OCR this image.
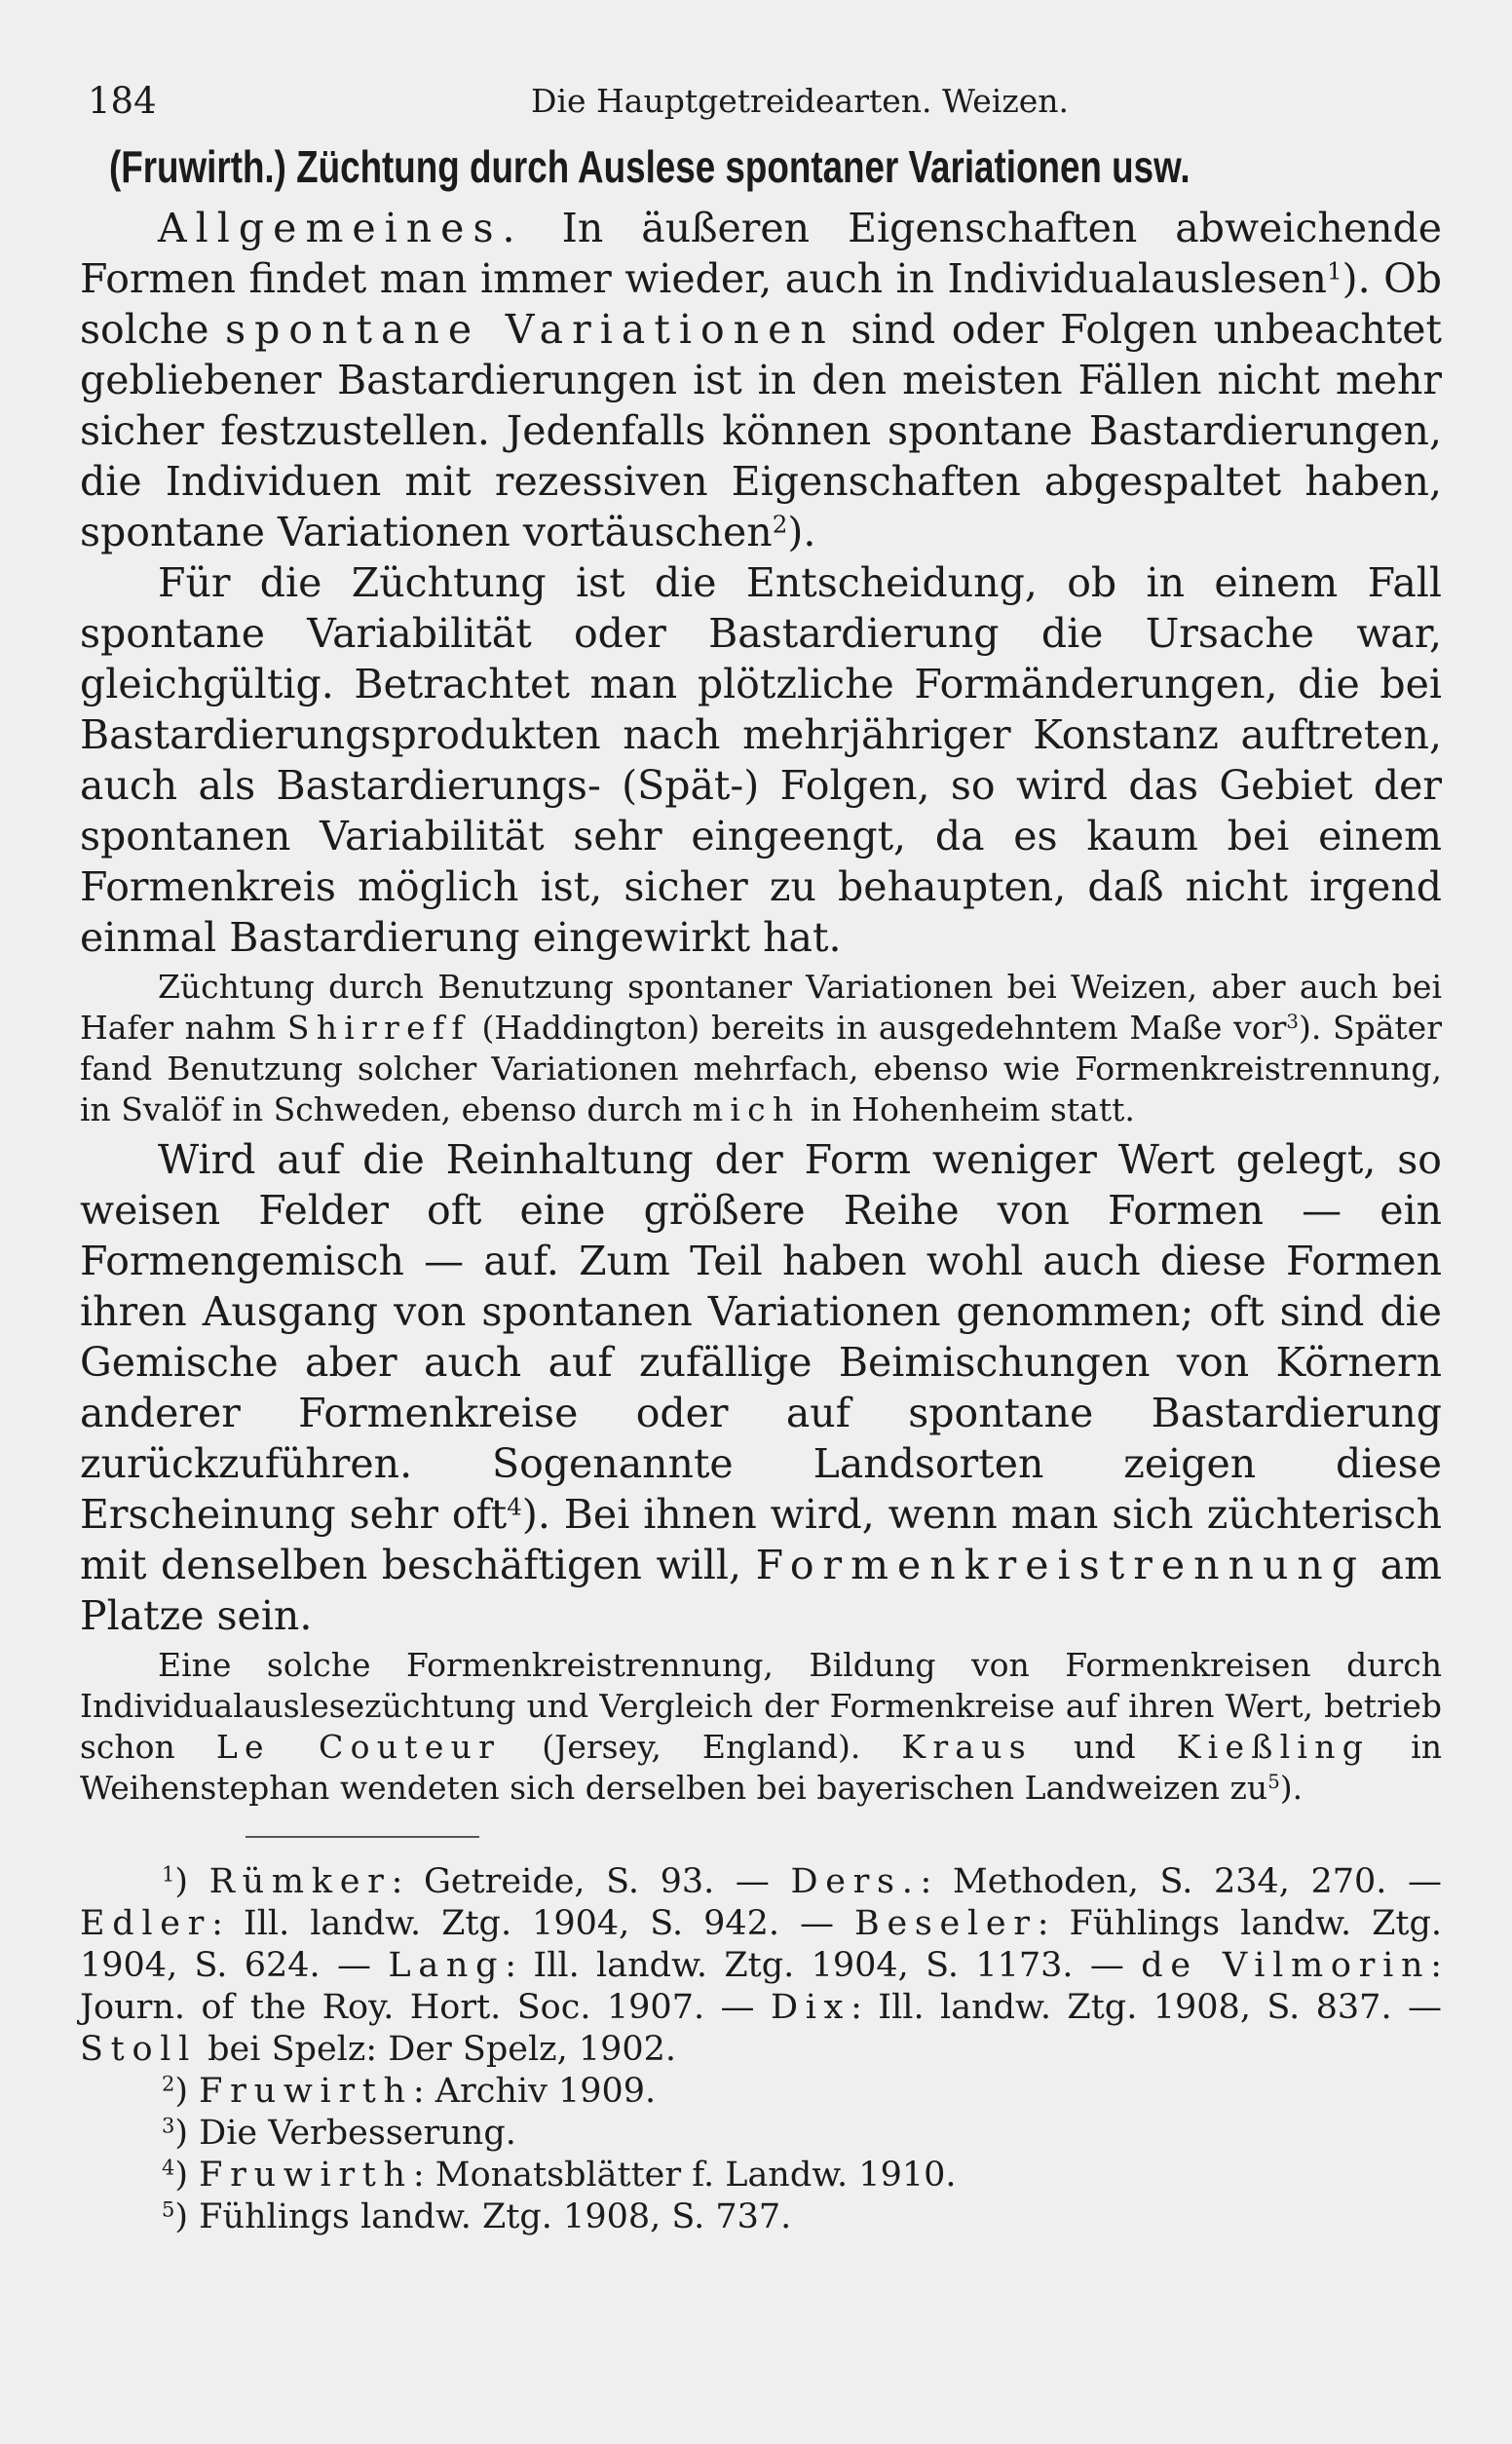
184	Die Hauptgetreidearten. Weizen.
(Fruwirth.) Züchtung durch Auslese spontaner Variationen usw.

Allgemeines. In äußeren Eigenschaften abweichende Formen findet man immer wieder, auch in Individualauslesen$^1$). Ob solche spontane Variationen sind oder Folgen unbeachtet gebliebener Bastardierungen ist in den meisten Fällen nicht mehr sicher festzustellen. Jedenfalls können spontane Bastardierungen, die Individuen mit rezessiven Eigenschaften abgespaltet haben, spontane Variationen vortäuschen$^2$).

Für die Züchtung ist die Entscheidung, ob in einem Fall spontane Variabilität oder Bastardierung die Ursache war, gleichgültig. Betrachtet man plötzliche Formänderungen, die bei Bastardierungsprodukten nach mehrjähriger Konstanz auftreten, auch als Bastardierungs- (Spät-) Folgen, so wird das Gebiet der spontanen Variabilität sehr eingeengt, da es kaum bei einem Formenkreis möglich ist, sicher zu behaupten, daß nicht irgend einmal Bastardierung eingewirkt hat.

Züchtung durch Benutzung spontaner Variationen bei Weizen, aber auch bei Hafer nahm Shirreff (Haddington) bereits in ausgedehntem Maße vor$^3$). Später fand Benutzung solcher Variationen mehrfach, ebenso wie Formenkreistrennung, in Svalöf in Schweden, ebenso durch mich in Hohenheim statt.

Wird auf die Reinhaltung der Form weniger Wert gelegt, so weisen Felder oft eine größere Reihe von Formen — ein Formengemisch — auf. Zum Teil haben wohl auch diese Formen ihren Ausgang von spontanen Variationen genommen; oft sind die Gemische aber auch auf zufällige Beimischungen von Körnern anderer Formenkreise oder auf spontane Bastardierung zurückzuführen. Sogenannte Landsorten zeigen diese Erscheinung sehr oft$^4$). Bei ihnen wird, wenn man sich züchterisch mit denselben beschäftigen will, Formenkreistrennung am Platze sein.

Eine solche Formenkreistrennung, Bildung von Formenkreisen durch Individualauslesezüchtung und Vergleich der Formenkreise auf ihren Wert, betrieb schon Le Couteur (Jersey, England). Kraus und Kießling in Weihenstephan wendeten sich derselben bei bayerischen Landweizen $zu^5$).

$^1$) Rümker: Getreide, S. 93. — Ders.: Methoden, S. 234, 270. — Edler: Ill. landw. Ztg. 1904, S. 942. — Beseler: Fühlings landw. Ztg. 1904, S. 624. — Lang: Ill. landw. Ztg. 1904, S. 1173. — de Vilmorin: Journ. of the Roy. Hort. Soc. 1907. — Dix: Ill. landw. Ztg. 1908, S. 837. — Stoll bei Spelz: Der Spelz, 1902.

$^2$) Fruwirth: Archiv 1909.

$^3$) Die Verbesserung.

$^4$) Fruwirth: Monatsblätter f. Landw. 1910.

$^5$) Fühlings landw. Ztg. 1908, S. 737.
